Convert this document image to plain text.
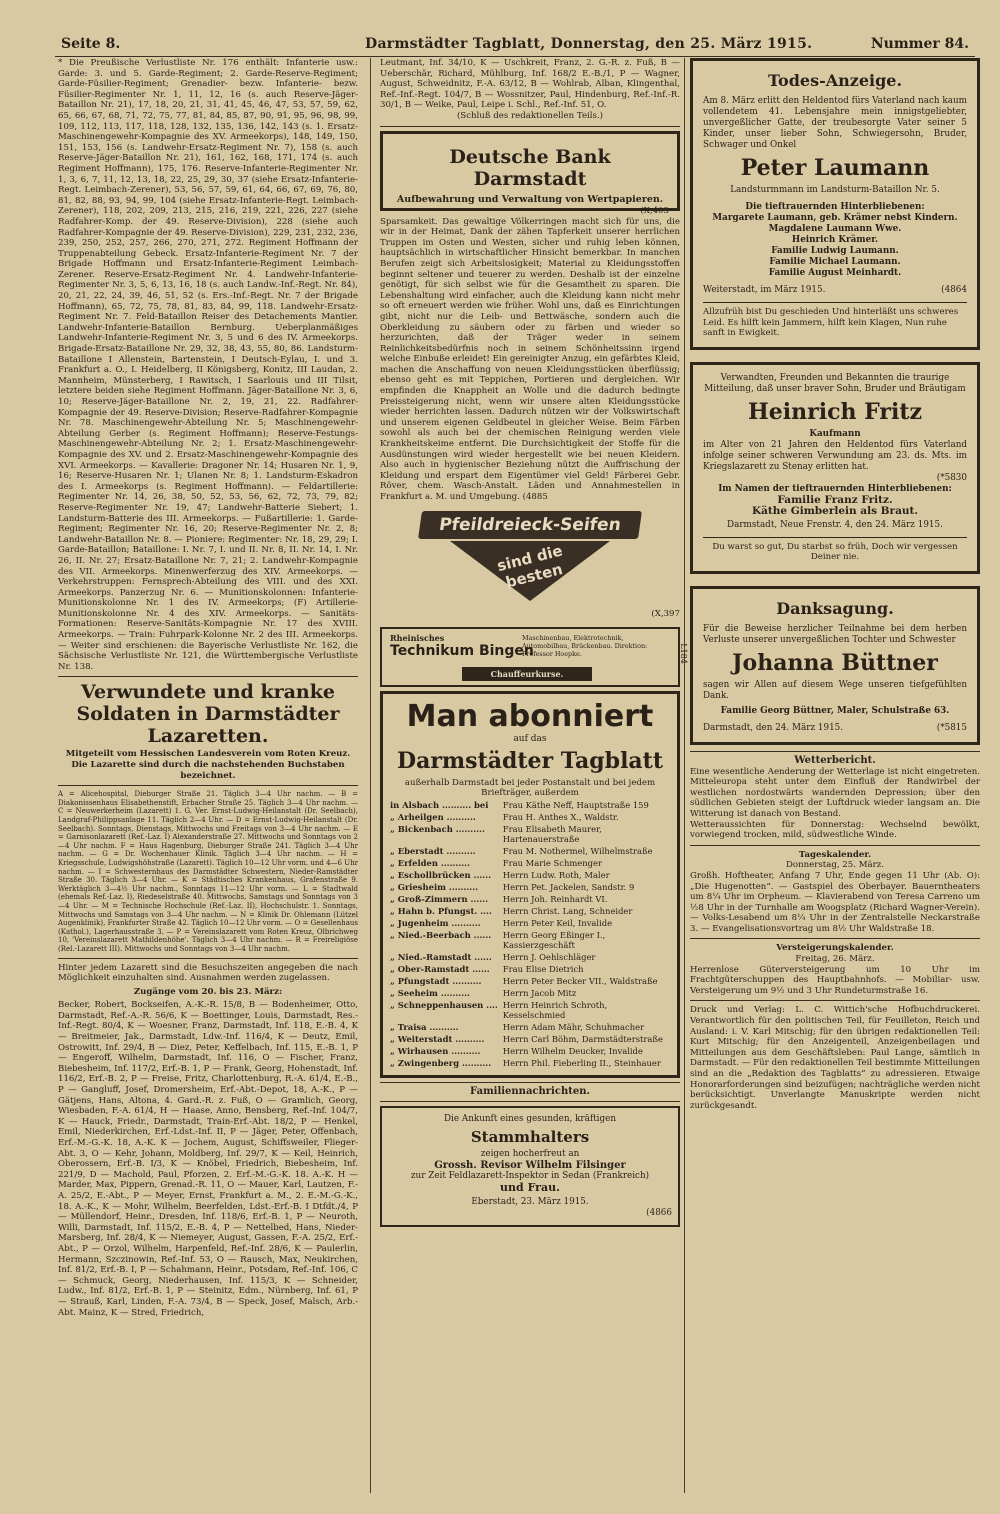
Seite 8.	Darmstädter Tagblatt, Donnerstag, den 25. März 1915.	Nummer 84.

* Die Preußische Verlustliste Nr. 176 enthält: Infanterie usw.: Garde: 3. und 5. Garde-Regiment; 2. Garde-Reserve-Regiment; Garde-Füsilier-Regiment; Grenadier- bezw. Infanterie- bezw. Füsilier-Regimenter Nr. 1, 11, 12, 16 (s. auch Reserve-Jäger-Bataillon Nr. 21), 17, 18, 20, 21, 31, 41, 45, 46, 47, 53, 57, 59, 62, 65, 66, 67, 68, 71, 72, 75, 77, 81, 84, 85, 87, 90, 91, 95, 96, 98, 99, 109, 112, 113, 117, 118, 128, 132, 135, 136, 142, 143 (s. 1. Ersatz-Maschinengewehr-Kompagnie des XV. Armeekorps), 148, 149, 150, 151, 153, 156 (s. Landwehr-Ersatz-Regiment Nr. 7), 158 (s. auch Reserve-Jäger-Bataillon Nr. 21), 161, 162, 168, 171, 174 (s. auch Regiment Hoffmann), 175, 176. Reserve-Infanterie-Regimenter Nr. 1, 3, 6, 7, 11, 12, 13, 18, 22, 25, 29, 30, 37 (siehe Ersatz-Infanterie-Regt. Leimbach-Zerener), 53, 56, 57, 59, 61, 64, 66, 67, 69, 76, 80, 81, 82, 88, 93, 94, 99, 104 (siehe Ersatz-Infanterie-Regt. Leimbach-Zerener), 118, 202, 209, 213, 215, 216, 219, 221, 226, 227 (siehe Radfahrer-Komp. der 49. Reserve-Division), 228 (siehe auch Radfahrer-Kompagnie der 49. Reserve-Division), 229, 231, 232, 236, 239, 250, 252, 257, 266, 270, 271, 272. Regiment Hoffmann der Truppenabteilung Gebeck. Ersatz-Infanterie-Regiment Nr. 7 der Brigade Hoffmann und Ersatz-Infanterie-Regiment Leimbach-Zerener. Reserve-Ersatz-Regiment Nr. 4. Landwehr-Infanterie-Regimenter Nr. 3, 5, 6, 13, 16, 18 (s. auch Landw.-Inf.-Regt. Nr. 84), 20, 21, 22, 24, 39, 46, 51, 52 (s. Ers.-Inf.-Regt. Nr. 7 der Brigade Hoffmann), 65, 72, 75, 78, 81, 83, 84, 99, 118. Landwehr-Ersatz-Regiment Nr. 7. Feld-Bataillon Reiser des Detachements Mantier. Landwehr-Infanterie-Bataillon Bernburg. Ueberplanmäßiges Landwehr-Infanterie-Regiment Nr. 3, 5 und 6 des IV. Armeekorps. Brigade-Ersatz-Bataillone Nr. 29, 32, 38, 43, 55, 80, 86. Landsturm-Bataillone I Allenstein, Bartenstein, I Deutsch-Eylau, I. und 3. Frankfurt a. O., I. Heidelberg, II Königsberg, Konitz, III Laudan, 2. Mannheim, Münsterberg, I Rawitsch, I Saarlouis und III Tilsit, letztere beiden siehe Regiment Hoffmann. Jäger-Bataillone Nr. 3, 6, 10; Reserve-Jäger-Bataillone Nr. 2, 19, 21, 22. Radfahrer-Kompagnie der 49. Reserve-Division; Reserve-Radfahrer-Kompagnie Nr. 78. Maschinengewehr-Abteilung Nr. 5; Maschinengewehr-Abteilung Gerber (s. Regiment Hoffmann); Reserve-Festungs-Maschinengewehr-Abteilung Nr. 2; 1. Ersatz-Maschinengewehr-Kompagnie des XV. und 2. Ersatz-Maschinengewehr-Kompagnie des XVI. Armeekorps. — Kavallerie: Dragoner Nr. 14; Husaren Nr. 1, 9, 16; Reserve-Husaren Nr. 1; Ulanen Nr. 8; 1. Landsturm-Eskadron des I. Armeekorps (s. Regiment Hoffmann). — Feldartillerie: Regimenter Nr. 14, 26, 38, 50, 52, 53, 56, 62, 72, 73, 79, 82; Reserve-Regimenter Nr. 19, 47; Landwehr-Batterie Siebert; 1. Landsturm-Batterie des III. Armeekorps. — Fußartillerie: 1. Garde-Regiment; Regimenter Nr. 16, 20; Reserve-Regimenter Nr. 2, 8; Landwehr-Bataillon Nr. 8. — Pioniere: Regimenter: Nr. 18, 29, 29; I. Garde-Bataillon; Bataillone: I. Nr. 7, I. und II. Nr. 8, II. Nr. 14, I. Nr. 26, II. Nr. 27; Ersatz-Bataillone Nr. 7, 21; 2. Landwehr-Kompagnie des VII. Armeekorps. Minenwerferzug des XIV. Armeekorps. — Verkehrstruppen: Fernsprech-Abteilung des VIII. und des XXI. Armeekorps. Panzerzug Nr. 6. — Munitionskolonnen: Infanterie-Munitionskolonne Nr. 1 des IV. Armeekorps; (F) Artillerie-Munitionskolonne Nr. 4 des XIV. Armeekorps. — Sanitäts-Formationen: Reserve-Sanitäts-Kompagnie Nr. 17 des XVIII. Armeekorps. — Train: Fuhrpark-Kolonne Nr. 2 des III. Armeekorps. — Weiter sind erschienen: die Bayerische Verlustliste Nr. 162, die Sächsische Verlustliste Nr. 121, die Württembergische Verlustliste Nr. 138.

Verwundete und kranke Soldaten in Darmstädter Lazaretten.

Mitgeteilt vom Hessischen Landesverein vom Roten Kreuz. Die Lazarette sind durch die nachstehenden Buchstaben bezeichnet.

A = Alicehospital, Dieburger Straße 21. Täglich 3—4 Uhr nachm. — B = Diakonissenhaus Elisabethenstift, Erbacher Straße 25. Täglich 3—4 Uhr nachm. — C = Neuwerkerheim (Lazarett) 1. G. Ver. Ernst-Ludwig-Heilanstalt (Dr. Seelbach), Landgraf-Philippsanlage 11. Täglich 2—4 Uhr. — D = Ernst-Ludwig-Heilanstalt (Dr. Seelbach). Sonntags, Dienstags, Mittwochs und Freitags von 3—4 Uhr nachm. — E = Garnisonlazarett (Ref.-Laz. I) Alexanderstraße 27. Mittwochs und Sonntags von 2—4 Uhr nachm. F = Haus Hagenburg, Dieburger Straße 241. Täglich 3—4 Uhr nachm. — G = Dr. Wochenhauer Klinik. Täglich 3—4 Uhr nachm. — H = Kriegsschule, Ludwigshöhstraße (Lazarett). Täglich 10—12 Uhr vorm. und 4—6 Uhr nachm. — I = Schwesternhaus des Darmstädter Schwestern, Nieder-Ramstädter Straße 30. Täglich 3—4 Uhr. — K = Städtisches Krankenhaus, Grafenstraße 9. Werktäglich 3—4½ Uhr nachm., Sonntags 11—12 Uhr vorm. — L = Stadtwald (ehemals Ref.-Laz. I), Riedeselstraße 40. Mittwochs, Samstags und Sonntags von 3—4 Uhr. — M = Technische Hochschule (Ref.-Laz. II), Hochschulstr. 1. Sonntags, Mittwochs und Samstags von 3—4 Uhr nachm. — N = Klinik Dr. Ohlemann (Lützel Augenklinik), Frankfurter Straße 42. Täglich 10—12 Uhr vorm. — O = Gesellenhaus (Kathol.), Lagerhausstraße 3. — P = Vereinslazarett vom Roten Kreuz, Olbrichweg 10, 'Vereinslazarett Mathildenhöhe'. Täglich 3—4 Uhr nachm. — R = Freireligiöse (Rel.-Lazarett III). Mittwochs und Sonntags von 3—4 Uhr nachm.

Hinter jedem Lazarett sind die Besuchszeiten angegeben die nach Möglichkeit einzuhalten sind. Ausnahmen werden zugelassen.

Zugänge vom 20. bis 23. März:

Becker, Robert, Bockseifen, A.-K.-R. 15/8, B — Bodenheimer, Otto, Darmstadt, Ref.-A.-R. 56/6, K — Boettinger, Louis, Darmstadt, Res.-Inf.-Regt. 80/4, K — Woesner, Franz, Darmstadt, Inf. 118, E.-B. 4, K — Breitmeier, Jak., Darmstadt, Ldw.-Inf. 116/4, K — Deutz, Emil, Ostrowitt, Inf. 29/4, B — Diez, Peter, Keffelbach, Inf. 115, E.-B. 1, P — Engeroff, Wilhelm, Darmstadt, Inf. 116, O — Fischer, Franz, Biebesheim, Inf. 117/2, Erf.-B. 1, P — Frank, Georg, Hohenstadt, Inf. 116/2, Erf.-B. 2, P — Freise, Fritz, Charlottenburg, R.-A. 61/4, E.-B., P — Gangluff, Josef, Dromersheim, Erf.-Abt.-Depot, 18, A.-K., P — Gätjens, Hans, Altona, 4. Gard.-R. z. Fuß, O — Gramlich, Georg, Wiesbaden, F.-A. 61/4, H — Haase, Anno, Bensberg, Ref.-Inf. 104/7, K — Hauck, Friedr., Darmstadt, Train-Erf.-Abt. 18/2, P — Henkel, Emil, Niederkirchen, Erf.-Ldst.-Inf. II, P — Jäger, Peter, Offenbach, Erf.-M.-G.-K. 18, A.-K. K — Jochem, August, Schiffsweiler, Flieger-Abt. 3, O — Kehr, Johann, Moldberg, Inf. 29/7, K — Keil, Heinrich, Oberossern, Erf.-B. I/3, K — Knöbel, Friedrich, Biebesheim, Inf. 221/9, D — Machold, Paul, Pforzen, 2. Erf.-M.-G.-K. 18. A.-K. H — Marder, Max, Pippern, Grenad.-R. 11, O — Mauer, Karl, Lautzen, F.-A. 25/2, E.-Abt., P — Meyer, Ernst, Frankfurt a. M., 2. E.-M.-G.-K., 18. A.-K., K — Mohr, Wilhelm, Beerfelden, Ldst.-Erf.-B. I Dtfdt./4, P — Müllendorf, Heinr., Dresden, Inf. 118/6, Erf.-B. 1, P — Neuroth, Willi, Darmstadt, Inf. 115/2, E.-B. 4, P — Nettelbed, Hans, Nieder-Marsberg, Inf. 28/4, K — Niemeyer, August, Gassen, F.-A. 25/2, Erf.-Abt., P — Orzol, Wilhelm, Harpenfeld, Ref.-Inf. 28/6, K — Paulerlin, Hermann, Szczinowin, Ref.-Inf. 53, O — Rausch, Max, Neukirchen, Inf. 81/2, Erf.-B. I, P — Schahmann, Heinr., Potsdam, Ref.-Inf. 106, C — Schmuck, Georg, Niederhausen, Inf. 115/3, K — Schneider, Ludw., Inf. 81/2, Erf.-B. 1, P — Steinitz, Edm., Nürnberg, Inf. 61, P — Strauß, Karl, Linden, F.-A. 73/4, B — Speck, Josef, Malsch, Arb.-Abt. Mainz, K — Stred, Friedrich,

Leutmant, Inf. 34/10, K — Uschkreit, Franz, 2. G.-R. z. Fuß, B — Ueberschär, Richard, Mühlburg, Inf. 168/2 E.-B./1, P — Wagner, August, Schweidnitz, F.-A. 63/12, B — Wohlrab, Alban, Klingenthal, Ref.-Inf.-Regt. 104/7, B — Wossnitzer, Paul, Hindenburg, Ref.-Inf.-R. 30/1, B — Weike, Paul, Leipe i. Schl., Ref.-Inf. 51, O.

(Schluß des redaktionellen Teils.)

Deutsche Bank Darmstadt
Aufbewahrung und Verwaltung von Wertpapieren.
(X,403

Sparsamkeit. Das gewaltige Völkerringen macht sich für uns, die wir in der Heimat, Dank der zähen Tapferkeit unserer herrlichen Truppen im Osten und Westen, sicher und ruhig leben können, hauptsächlich in wirtschaftlicher Hinsicht bemerkbar. In manchen Berufen zeigt sich Arbeitslosigkeit; Material zu Kleidungsstoffen beginnt seltener und teuerer zu werden. Deshalb ist der einzelne genötigt, für sich selbst wie für die Gesamtheit zu sparen. Die Lebenshaltung wird einfacher, auch die Kleidung kann nicht mehr so oft erneuert werden wie früher. Wohl uns, daß es Einrichtungen gibt, nicht nur die Leib- und Bettwäsche, sondern auch die Oberkleidung zu säubern oder zu färben und wieder so herzurichten, daß der Träger weder in seinem Reinlichkeitsbedürfnis noch in seinem Schönheitssinn irgend welche Einbuße erleidet! Ein gereinigter Anzug, ein gefärbtes Kleid, machen die Anschaffung von neuen Kleidungsstücken überflüssig; ebenso geht es mit Teppichen, Portieren und dergleichen. Wir empfinden die Knappheit an Wolle und die dadurch bedingte Preissteigerung nicht, wenn wir unsere alten Kleidungsstücke wieder herrichten lassen. Dadurch nützen wir der Volkswirtschaft und unserem eigenen Geldbeutel in gleicher Weise. Beim Färben sowohl als auch bei der chemischen Reinigung werden viele Krankheitskeime entfernt. Die Durchsichtigkeit der Stoffe für die Ausdünstungen wird wieder hergestellt wie bei neuen Kleidern. Also auch in hygienischer Beziehung nützt die Auffrischung der Kleidung und erspart dem Eigentümer viel Geld! Färberei Gebr. Röver, chem. Wasch-Anstalt. Läden und Annahmestellen in Frankfurt a. M. und Umgebung. (4885

Pfeildreieck-Seifen
sind die besten
(X,397
Rheinisches
Technikum Bingen
Maschinenbau, Elektrotechnik, Automobilbau, Brückenbau. Direktion: Professor Hoepke.
Chauffeurkurse.
L184
Man abonniert
auf das
Darmstädter Tagblatt

außerhalb Darmstadt bei jeder Postanstalt und bei jedem Briefträger, außerdem

in Alsbach .......... bei	Frau Käthe Neff, Hauptstraße 159
„ Arheilgen ..........	Frau H. Anthes X., Waldstr.
„ Bickenbach ..........	Frau Elisabeth Maurer, Hartenauerstraße
„ Eberstadt ..........	Frau M. Nothermel, Wilhelmstraße
„ Erfelden ..........	Frau Marie Schmenger
„ Eschollbrücken ......	Herrn Ludw. Roth, Maler
„ Griesheim ..........	Herrn Pet. Jackelen, Sandstr. 9
„ Groß-Zimmern ......	Herrn Joh. Reinhardt VI.
„ Hahn b. Pfungst. ....	Herrn Christ. Lang, Schneider
„ Jugenheim ..........	Herrn Peter Keil, Invalide
„ Nied.-Beerbach ......	Herrn Georg Eßinger I., Kassierzgeschäft
„ Nied.-Ramstadt ......	Herrn J. Oehlschläger
„ Ober-Ramstadt ......	Frau Elise Dietrich
„ Pfungstadt ..........	Herrn Peter Becker VII., Waldstraße
„ Seeheim ..........	Herrn Jacob Mitz
„ Schneppenhausen ....	Herrn Heinrich Schroth, Kesselschmied
„ Traisa ..........	Herrn Adam Mähr, Schuhmacher
„ Weiterstadt ..........	Herrn Carl Böhm, Darmstädterstraße
„ Wirhausen ..........	Herrn Wilhelm Deucker, Invalide
„ Zwingenberg ..........	Herrn Phil. Fieberling II., Steinhauer

Familiennachrichten.

Die Ankunft eines gesunden, kräftigen

Stammhalters

zeigen hocherfreut an

Grossh. Revisor Wilhelm Filsinger

zur Zeit Feldlazarett-Inspektor in Sedan (Frankreich)

und Frau.

Eberstadt, 23. März 1915.

(4866

Todes-Anzeige.

Am 8. März erlitt den Heldentod fürs Vaterland nach kaum vollendetem 41. Lebensjahre mein innigstgeliebter, unvergeßlicher Gatte, der treubesorgte Vater seiner 5 Kinder, unser lieber Sohn, Schwiegersohn, Bruder, Schwager und Onkel

Peter Laumann

Landsturmmann im Landsturm-Bataillon Nr. 5.

Die tieftrauernden Hinterbliebenen:

Margarete Laumann, geb. Krämer nebst Kindern.

Magdalene Laumann Wwe.

Heinrich Krämer.

Familie Ludwig Laumann.

Familie Michael Laumann.

Familie August Meinhardt.

Weiterstadt, im März 1915.	(4864
Allzufrüh bist Du geschieden Und hinterläßt uns schweres Leid. Es hilft kein Jammern, hilft kein Klagen, Nun ruhe sanft in Ewigkeit.

Verwandten, Freunden und Bekannten die traurige Mitteilung, daß unser braver Sohn, Bruder und Bräutigam

Heinrich Fritz

Kaufmann

im Alter von 21 Jahren den Heldentod fürs Vaterland infolge seiner schweren Verwundung am 23. ds. Mts. im Kriegslazarett zu Stenay erlitten hat.

(*5830

Im Namen der tieftrauernden Hinterbliebenen:

Familie Franz Fritz.

Käthe Gimberlein als Braut.

Darmstadt, Neue Frenstr. 4, den 24. März 1915.

Du warst so gut, Du starbst so früh, Doch wir vergessen Deiner nie.
Danksagung.

Für die Beweise herzlicher Teilnahme bei dem herben Verluste unserer unvergeßlichen Tochter und Schwester

Johanna Büttner

sagen wir Allen auf diesem Wege unseren tiefgefühlten Dank.

Familie Georg Büttner, Maler, Schulstraße 63.

Darmstadt, den 24. März 1915.	(*5815

Wetterbericht.

Eine wesentliche Aenderung der Wetterlage ist nicht eingetreten. Mitteleuropa steht unter dem Einfluß der Randwirbel der westlichen nordostwärts wandernden Depression; über den südlichen Gebieten steigt der Luftdruck wieder langsam an. Die Witterung ist danach von Bestand.

Wetteraussichten für Donnerstag: Wechselnd bewölkt, vorwiegend trocken, mild, südwestliche Winde.

Tageskalender.

Donnerstag, 25. März.

Großh. Hoftheater, Anfang 7 Uhr, Ende gegen 11 Uhr (Ab. O): „Die Hugenotten“. — Gastspiel des Oberbayer. Bauerntheaters um 8¼ Uhr im Orpheum. — Klavierabend von Teresa Carreno um ½8 Uhr in der Turnhalle am Woogsplatz (Richard Wagner-Verein). — Volks-Lesabend um 8¼ Uhr in der Zentralstelle Neckarstraße 3. — Evangelisationsvortrag um 8½ Uhr Waldstraße 18.

Versteigerungskalender.

Freitag, 26. März.

Herrenlose Güterversteigerung um 10 Uhr im Frachtgüterschuppen des Hauptbahnhofs. — Mobiliar- usw. Versteigerung um 9½ und 3 Uhr Rundeturmstraße 16.

Druck und Verlag: L. C. Wittich'sche Hofbuchdruckerei. Verantwortlich für den politischen Teil, für Feuilleton, Reich und Ausland: i. V. Karl Mitschig; für den übrigen redaktionellen Teil: Kurt Mitschig; für den Anzeigenteil, Anzeigenbeilagen und Mitteilungen aus dem Geschäftsleben: Paul Lange, sämtlich in Darmstadt. — Für den redaktionellen Teil bestimmte Mitteilungen sind an die „Redaktion des Tagblatts“ zu adressieren. Etwaige Honorarforderungen sind beizufügen; nachträgliche werden nicht berücksichtigt. Unverlangte Manuskripte werden nicht zurückgesandt.
